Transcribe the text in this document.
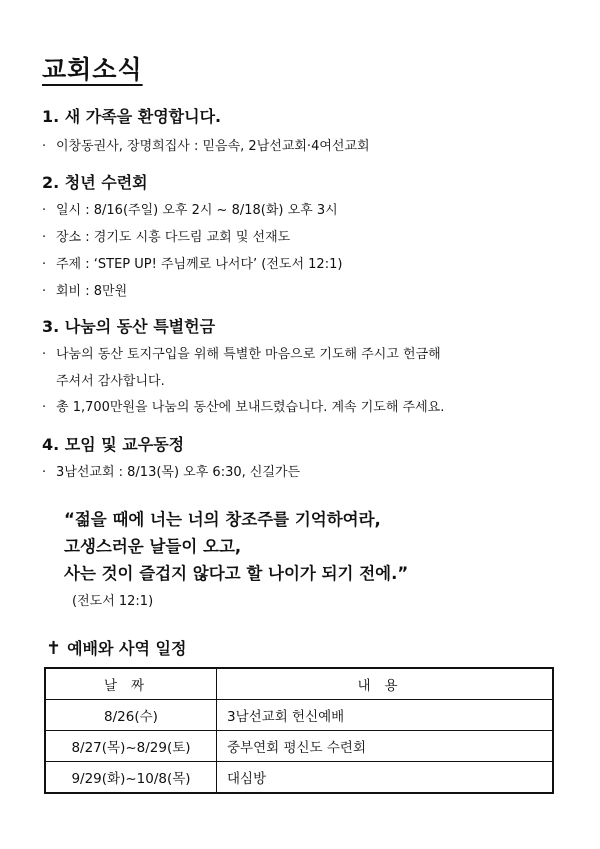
교회소식

1. 새 가족을 환영합니다.

· 이창동권사, 장명희집사 : 믿음속, 2남선교회·4여선교회

2. 청년 수련회

· 일시 : 8/16(주일) 오후 2시 ~ 8/18(화) 오후 3시

· 장소 : 경기도 시흥 다드림 교회 및 선재도

· 주제 : ‘STEP UP! 주님께로 나서다’ (전도서 12:1)

· 회비 : 8만원

3. 나눔의 동산 특별헌금

· 나눔의 동산 토지구입을 위해 특별한 마음으로 기도해 주시고 헌금해
주셔서 감사합니다.

· 총 1,700만원을 나눔의 동산에 보내드렸습니다. 계속 기도해 주세요.

4. 모임 및 교우동정

· 3남선교회 : 8/13(목) 오후 6:30, 신길가든

“젊을 때에 너는 너의 창조주를 기억하여라,
고생스러운 날들이 오고,
사는 것이 즐겁지 않다고 할 나이가 되기 전에.”
(전도서 12:1)
✝ 예배와 사역 일정
날짜	내용
8/26(수)	3남선교회 헌신예배
8/27(목)~8/29(토)	중부연회 평신도 수련회
9/29(화)~10/8(목)	대심방
